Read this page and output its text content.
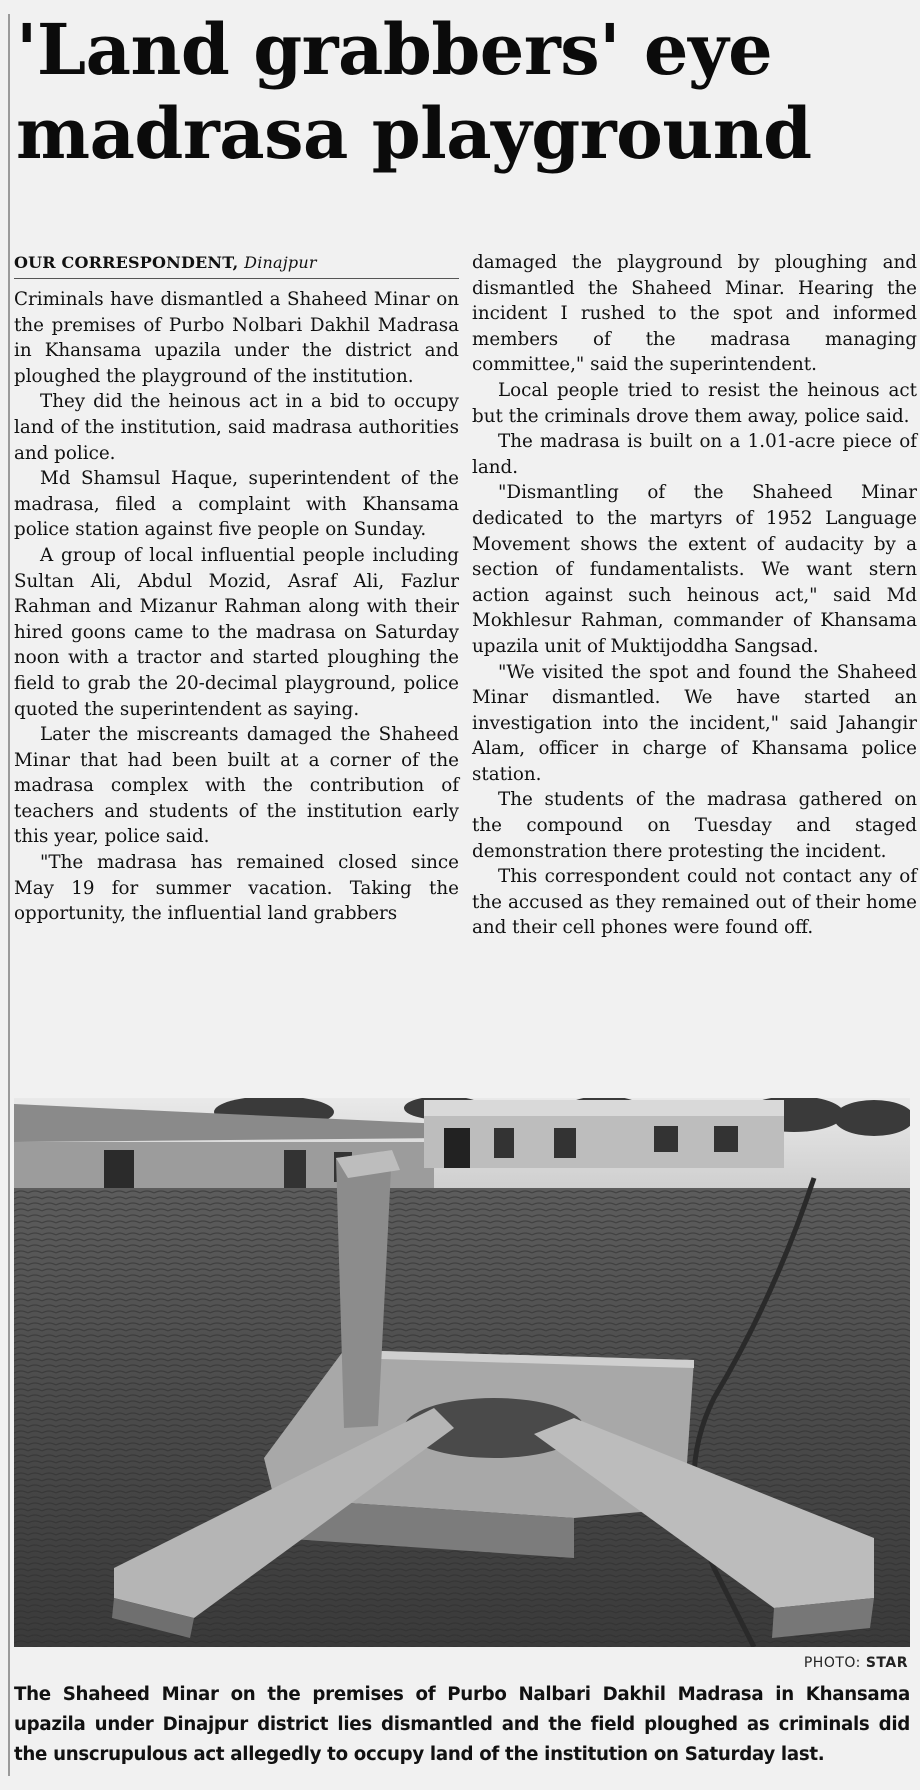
'Land grabbers' eye
madrasa playground
OUR CORRESPONDENT, Dinajpur

Criminals have dismantled a Shaheed Minar on the premises of Purbo Nolbari Dakhil Madrasa in Khansama upazila under the district and ploughed the playground of the institution.

They did the heinous act in a bid to occupy land of the institution, said madrasa authorities and police.

Md Shamsul Haque, superintendent of the madrasa, filed a complaint with Khansama police station against five people on Sunday.

A group of local influential people including Sultan Ali, Abdul Mozid, Asraf Ali, Fazlur Rahman and Mizanur Rahman along with their hired goons came to the madrasa on Saturday noon with a tractor and started ploughing the field to grab the 20-decimal playground, police quoted the superintendent as saying.

Later the miscreants damaged the Shaheed Minar that had been built at a corner of the madrasa complex with the contribution of teachers and students of the institution early this year, police said.

"The madrasa has remained closed since May 19 for summer vacation. Taking the opportunity, the influential land grabbers

damaged the playground by ploughing and dismantled the Shaheed Minar. Hearing the incident I rushed to the spot and informed members of the madrasa managing committee," said the superintendent.

Local people tried to resist the heinous act but the criminals drove them away, police said.

The madrasa is built on a 1.01-acre piece of land.

"Dismantling of the Shaheed Minar dedicated to the martyrs of 1952 Language Movement shows the extent of audacity by a section of fundamentalists. We want stern action against such heinous act," said Md Mokhlesur Rahman, commander of Khansama upazila unit of Muktijoddha Sangsad.

"We visited the spot and found the Shaheed Minar dismantled. We have started an investigation into the incident," said Jahangir Alam, officer in charge of Khansama police station.

The students of the madrasa gathered on the compound on Tuesday and staged demonstration there protesting the incident.

This correspondent could not contact any of the accused as they remained out of their home and their cell phones were found off.

PHOTO: STAR
The Shaheed Minar on the premises of Purbo Nalbari Dakhil Madrasa in Khansama upazila under Dinajpur district lies dismantled and the field ploughed as criminals did the unscrupulous act allegedly to occupy land of the institution on Saturday last.
